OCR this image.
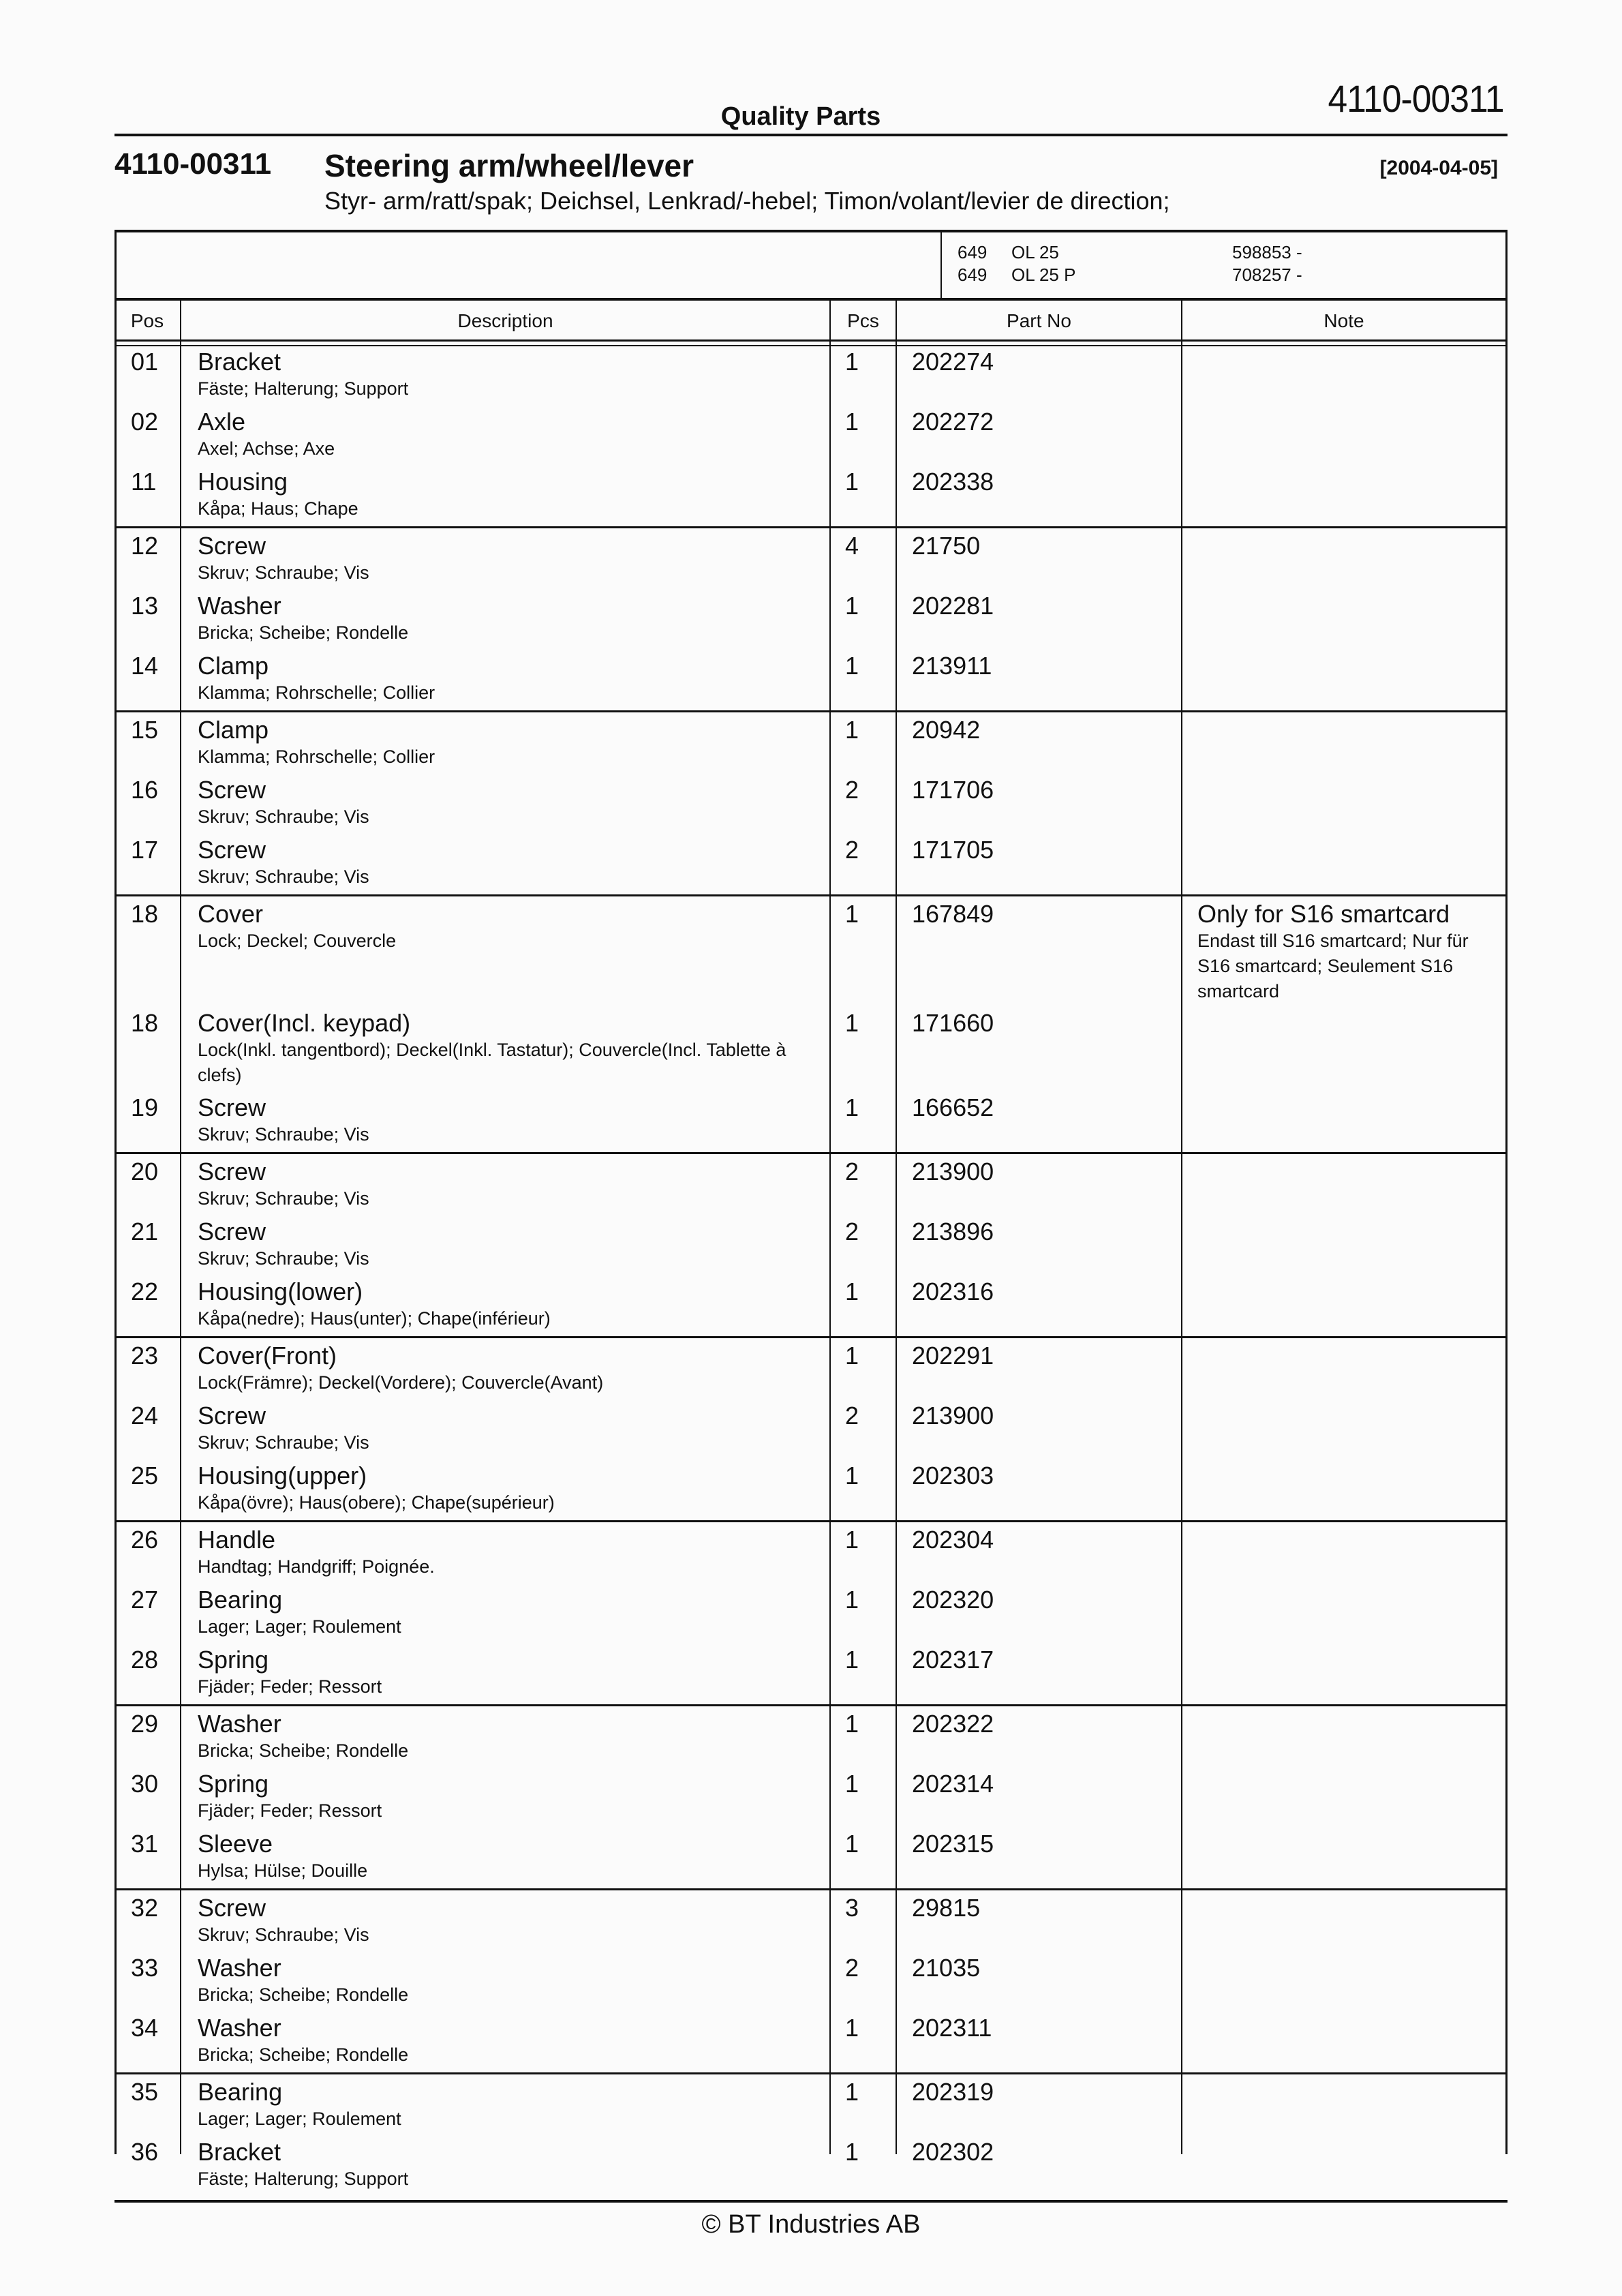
4110-00311
Quality Parts
4110-00311 Steering arm/wheel/lever	[2004-04-05]
Styr- arm/ratt/spak; Deichsel, Lenkrad/-hebel; Timon/volant/levier de direction;
649 OL 25	598853 -
649 OL 25 P	708257 -
Pos	Description	Pcs	Part No	Note
01 Bracket
Fäste; Halterung; Support
1 202274
02 Axle
Axel; Achse; Axe
1 202272
11 Housing
Kåpa; Haus; Chape
1 202338
12 Screw
Skruv; Schraube; Vis
4 21750
13 Washer
Bricka; Scheibe; Rondelle
1 202281
14 Clamp
Klamma; Rohrschelle; Collier
1 213911
15 Clamp
Klamma; Rohrschelle; Collier
1 20942
16 Screw
Skruv; Schraube; Vis
2 171706
17 Screw
Skruv; Schraube; Vis
2 171705
18 Cover
Lock; Deckel; Couvercle
1 167849	Only for S16 smartcard
Endast till S16 smartcard; Nur für S16 smartcard; Seulement S16 smartcard
18 Cover(Incl. keypad)
Lock(Inkl. tangentbord); Deckel(Inkl. Tastatur); Couvercle(Incl. Tablette à clefs)
1 171660
19 Screw
Skruv; Schraube; Vis
1 166652
20 Screw
Skruv; Schraube; Vis
2 213900
21 Screw
Skruv; Schraube; Vis
2 213896
22 Housing(lower)
Kåpa(nedre); Haus(unter); Chape(inférieur)
1 202316
23 Cover(Front)
Lock(Främre); Deckel(Vordere); Couvercle(Avant)
1 202291
24 Screw
Skruv; Schraube; Vis
2 213900
25 Housing(upper)
Kåpa(övre); Haus(obere); Chape(supérieur)
1 202303
26 Handle
Handtag; Handgriff; Poignée.
1 202304
27 Bearing
Lager; Lager; Roulement
1 202320
28 Spring
Fjäder; Feder; Ressort
1 202317
29 Washer
Bricka; Scheibe; Rondelle
1 202322
30 Spring
Fjäder; Feder; Ressort
1 202314
31 Sleeve
Hylsa; Hülse; Douille
1 202315
32 Screw
Skruv; Schraube; Vis
3 29815
33 Washer
Bricka; Scheibe; Rondelle
2 21035
34 Washer
Bricka; Scheibe; Rondelle
1 202311
35 Bearing
Lager; Lager; Roulement
1 202319
36 Bracket
Fäste; Halterung; Support
1 202302
© BT Industries AB
